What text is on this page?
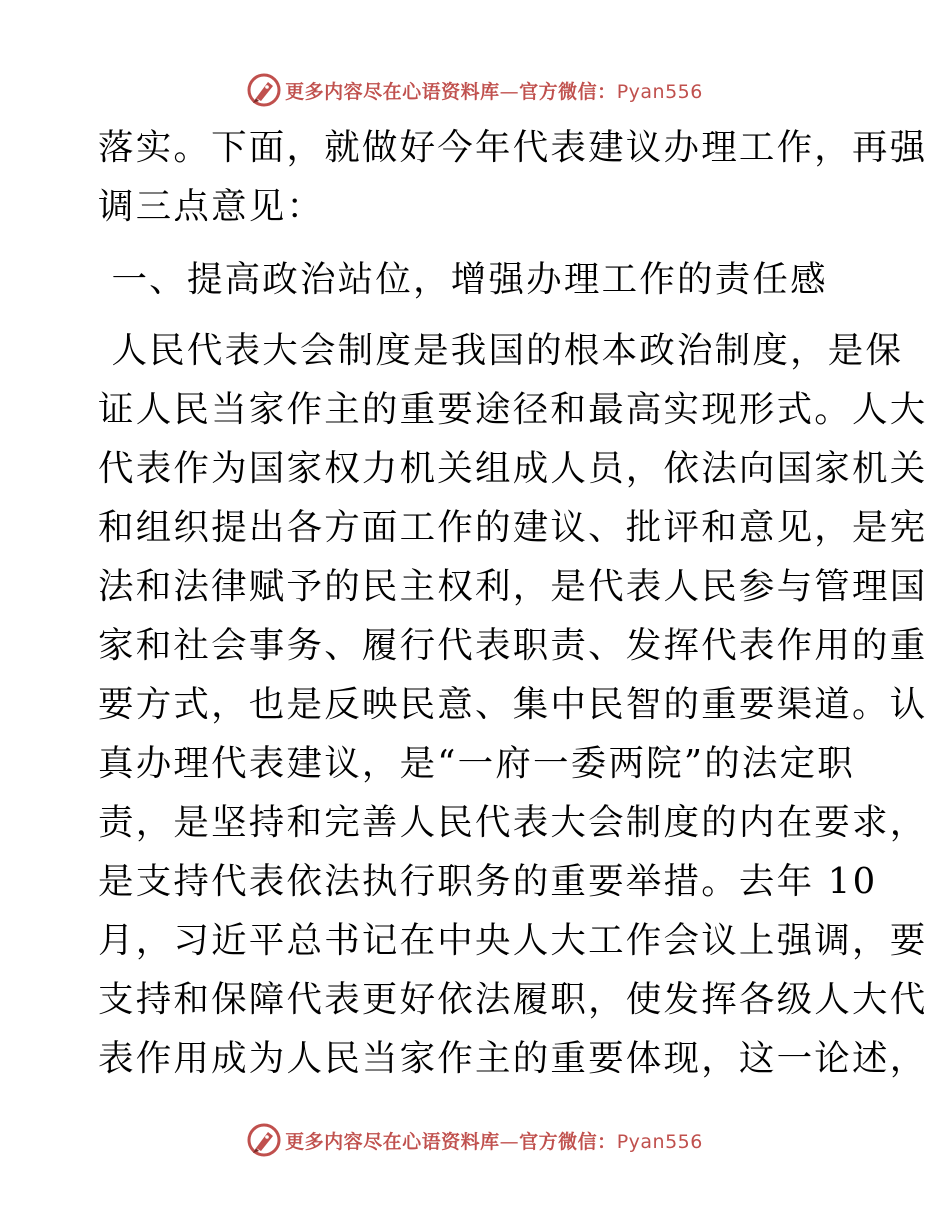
更多内容尽在心语资料库—官方微信：Pyan556
落实。下面，就做好今年代表建议办理工作，再强
调三点意见：
一、提高政治站位，增强办理工作的责任感
人民代表大会制度是我国的根本政治制度，是保
证人民当家作主的重要途径和最高实现形式。人大
代表作为国家权力机关组成人员，依法向国家机关
和组织提出各方面工作的建议、批评和意见，是宪
法和法律赋予的民主权利，是代表人民参与管理国
家和社会事务、履行代表职责、发挥代表作用的重
要方式，也是反映民意、集中民智的重要渠道。认
真办理代表建议，是“一府一委两院”的法定职
责，是坚持和完善人民代表大会制度的内在要求，
是支持代表依法执行职务的重要举措。去年 10
月，习近平总书记在中央人大工作会议上强调，要
支持和保障代表更好依法履职，使发挥各级人大代
表作用成为人民当家作主的重要体现，这一论述，
更多内容尽在心语资料库—官方微信：Pyan556
